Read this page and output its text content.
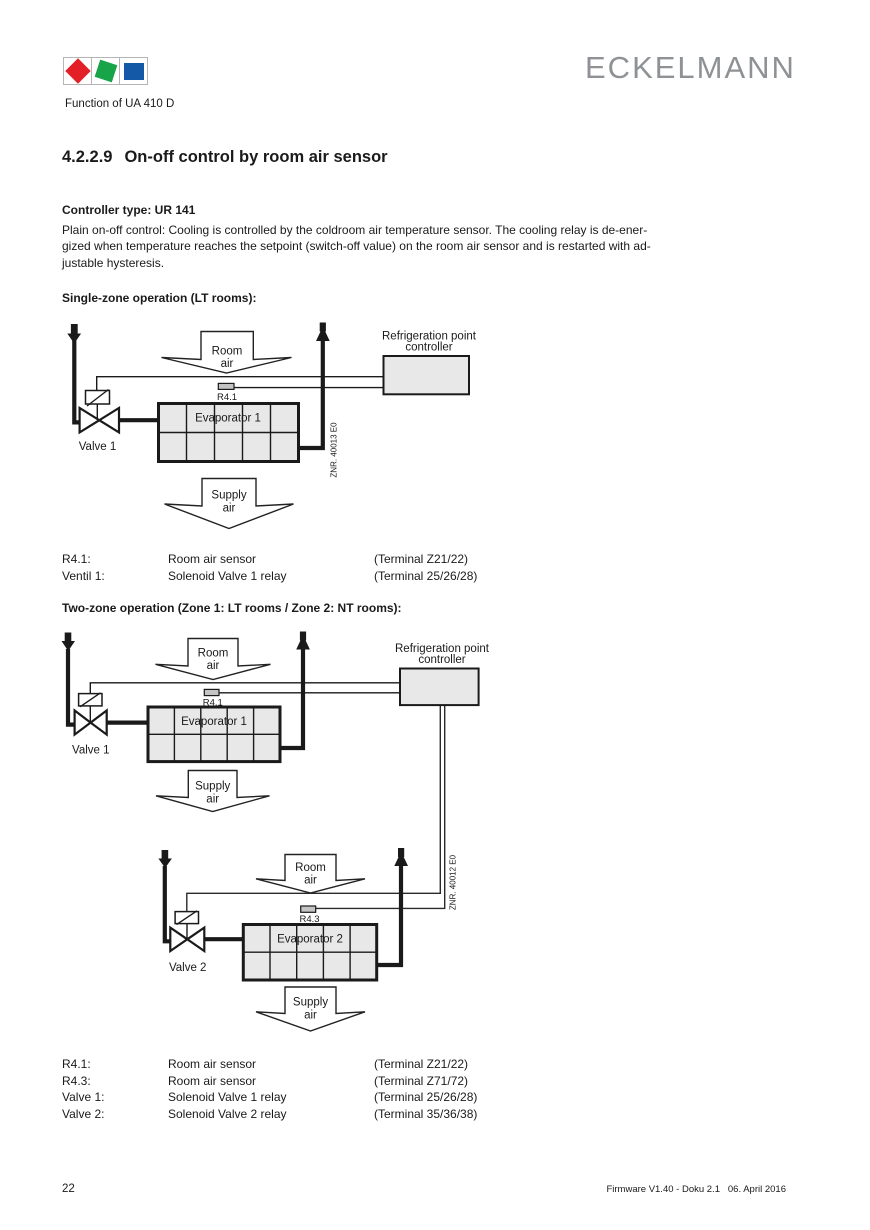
Function of UA 410 D
ECKELMANN
4.2.2.9 On-off control by room air sensor
Controller type: UR 141
Plain on-off control: Cooling is controlled by the coldroom air temperature sensor. The cooling relay is de-ener-
gized when temperature reaches the setpoint (switch-off value) on the room air sensor and is restarted with ad-
justable hysteresis.
Single-zone operation (LT rooms):
Room
air
R4.1
Evaporator 1
Valve 1
Refrigeration point
controller
Supply
air
ZNR. 40013 E0
R4.1:	Room air sensor	(Terminal Z21/22)
Ventil 1:	Solenoid Valve 1 relay	(Terminal 25/26/28)
Two-zone operation (Zone 1: LT rooms / Zone 2: NT rooms):
Room
air
R4.1
Evaporator 1
Valve 1
Refrigeration point
controller
Supply
air
Room
air
R4.3
Evaporator 2
Valve 2
Supply
air
ZNR. 40012 E0
R4.1:	Room air sensor	(Terminal Z21/22)
R4.3:	Room air sensor	(Terminal Z71/72)
Valve 1:	Solenoid Valve 1 relay	(Terminal 25/26/28)
Valve 2:	Solenoid Valve 2 relay	(Terminal 35/36/38)
22	Firmware V1.40 - Doku 2.1   06. April 2016
